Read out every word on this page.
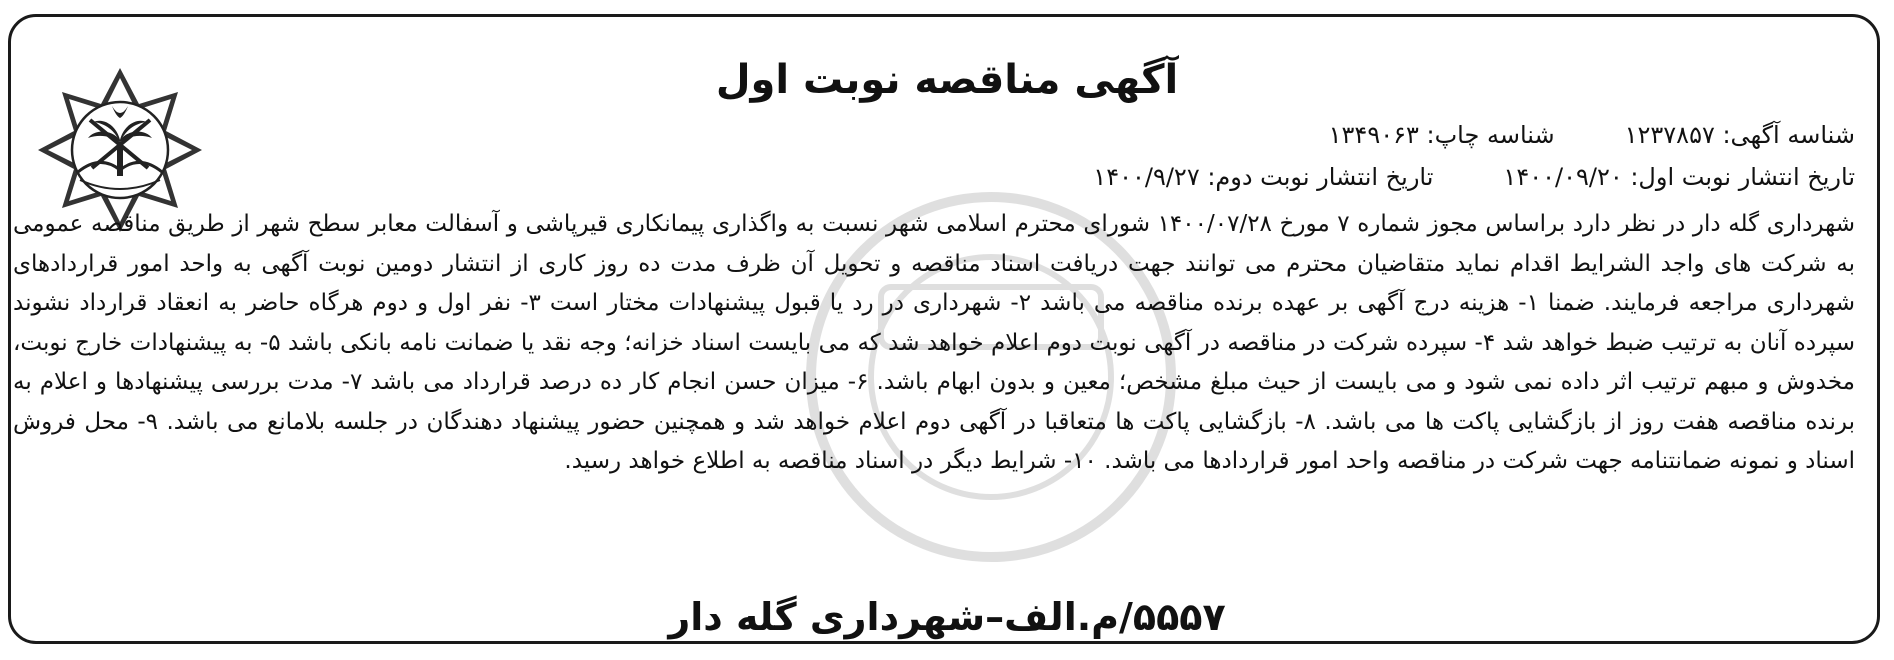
آگهی مناقصه نوبت اول
شناسه آگهی: ۱۲۳۷۸۵۷شناسه چاپ: ۱۳۴۹۰۶۳
تاریخ انتشار نوبت اول: ۱۴۰۰/۰۹/۲۰تاریخ انتشار نوبت دوم: ۱۴۰۰/۹/۲۷
شهرداری گله دار در نظر دارد براساس مجوز شماره ۷ مورخ ۱۴۰۰/۰۷/۲۸ شورای محترم اسلامی شهر نسبت به واگذاری پیمانکاری قیرپاشی و آسفالت معابر سطح شهر از طریق مناقصه عمومی به شرکت های واجد الشرایط اقدام نماید متقاضیان محترم می توانند جهت دریافت اسناد مناقصه و تحویل آن ظرف مدت ده روز کاری از انتشار دومین نوبت آگهی به واحد امور قراردادهای شهرداری مراجعه فرمایند. ضمنا ۱- هزینه درج آگهی بر عهده برنده مناقصه می باشد ۲- شهرداری در رد یا قبول پیشنهادات مختار است ۳- نفر اول و دوم هرگاه حاضر به انعقاد قرارداد نشوند سپرده آنان به ترتیب ضبط خواهد شد ۴- سپرده شرکت در مناقصه در آگهی نوبت دوم اعلام خواهد شد که می بایست اسناد خزانه؛ وجه نقد یا ضمانت نامه بانکی باشد ۵- به پیشنهادات خارج نوبت، مخدوش و مبهم ترتیب اثر داده نمی شود و می بایست از حیث مبلغ مشخص؛ معین و بدون ابهام باشد. ۶- میزان حسن انجام کار ده درصد قرارداد می باشد ۷- مدت بررسی پیشنهادها و اعلام به برنده مناقصه هفت روز از بازگشایی پاکت ها می باشد. ۸- بازگشایی پاکت ها متعاقبا در آگهی دوم اعلام خواهد شد و همچنین حضور پیشنهاد دهندگان در جلسه بلامانع می باشد. ۹- محل فروش اسناد و نمونه ضمانتنامه جهت شرکت در مناقصه واحد امور قراردادها می باشد. ۱۰- شرایط دیگر در اسناد مناقصه به اطلاع خواهد رسید.
۵۵۵۷/م.الف–شهرداری گله دار
